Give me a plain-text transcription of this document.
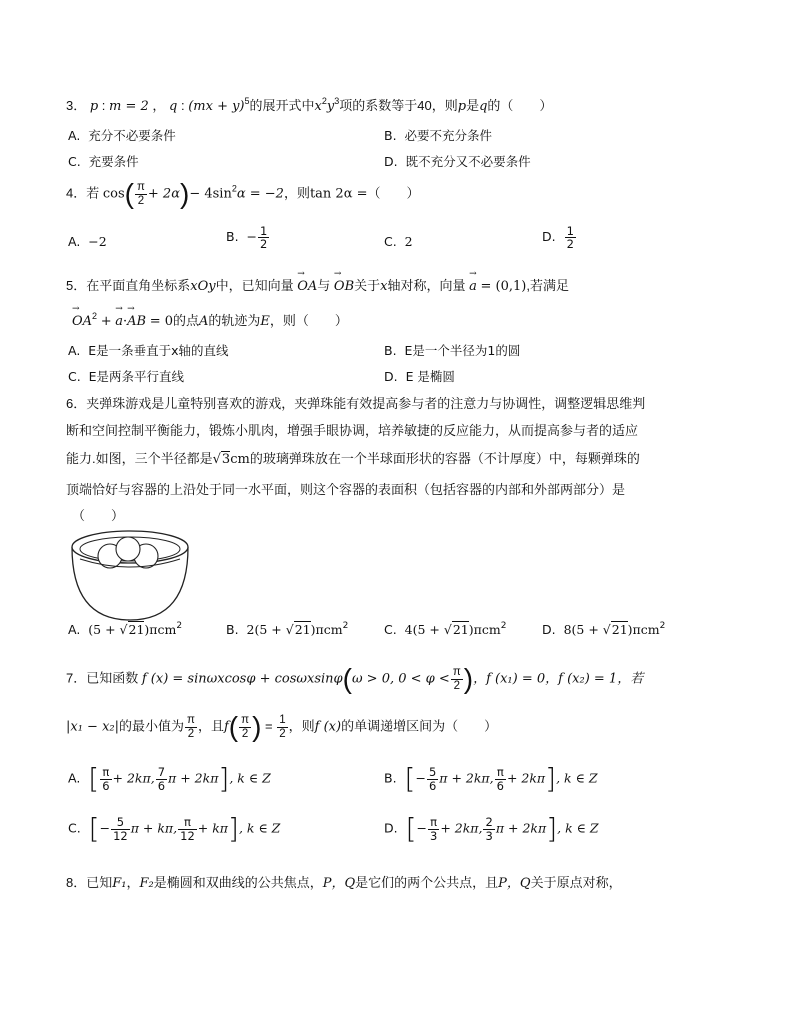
3． p : m = 2 ， q : (mx + y)$^5$的展开式中$x^2y^3$项的系数等于40，则p是q的（　　）
A. 充分不必要条件	B. 必要不充分条件
C. 充要条件	D. 既不充分又不必要条件
4．若 $\cos( \frac{\pi}{2} + 2\alpha)- 4\sin^2\alpha = -2$，则tan 2α =（　　）
A. −2	B. − $\frac{1}{2}$	C. 2	D. $\frac{1}{2}$
5．在平面直角坐标系xOy中，已知向量 → OA与 → OB关于x轴对称，向量 → a = (0,1),若满足
→ $OA^2$ + → a·→ AB = 0的点A的轨迹为E，则（　　）
A. E是一条垂直于x轴的直线	B. E是一个半径为1的圆
C. E是两条平行直线	D. E 是椭圆
6．夹弹珠游戏是儿童特别喜欢的游戏，夹弹珠能有效提高参与者的注意力与协调性，调整逻辑思维判
断和空间控制平衡能力，锻炼小肌肉，增强手眼协调，培养敏捷的反应能力，从而提高参与者的适应
能力.如图，三个半径都是√3cm的玻璃弹珠放在一个半球面形状的容器（不计厚度）中，每颗弹珠的
顶端恰好与容器的上沿处于同一水平面，则这个容器的表面积（包括容器的内部和外部两部分）是
（　　）
A. (5 + √21)πcm$^2$	B. 2(5 + √21)πcm$^2$	C. 4(5 + √21)πcm$^2$	D. 8(5 + √21)πcm$^2$
7．已知函数 f (x) = sinωxcosφ + cosωxsinφ(ω > 0, $0 < \varphi < \frac{\pi}{2}$ )，f (x₁) = 0，f (x₂) = 1，若
|x₁ − x₂|的最小值为 $\frac{\pi}{2}$ ，且$f( \frac{\pi}{2}$ ) = $\frac{1}{2}$ ，则f (x)的单调递增区间为（　　）
A. [ $\frac{\pi}{6} + 2k\pi$, $\frac{7}{6}$ π + 2kπ], k ∈ Z	B. [− $\frac{5}{6}$ π + 2kπ, $\frac{\pi}{6} + 2k\pi$], k ∈ Z
C. [− $\frac{5}{12}$ π + kπ, $\frac{\pi}{12} + k\pi$], k ∈ Z	D. [− $\frac{\pi}{3} + 2k\pi$, $\frac{2}{3}$ π + 2kπ], k ∈ Z
8．已知F₁，F₂是椭圆和双曲线的公共焦点，P，Q是它们的两个公共点，且P，Q关于原点对称，
